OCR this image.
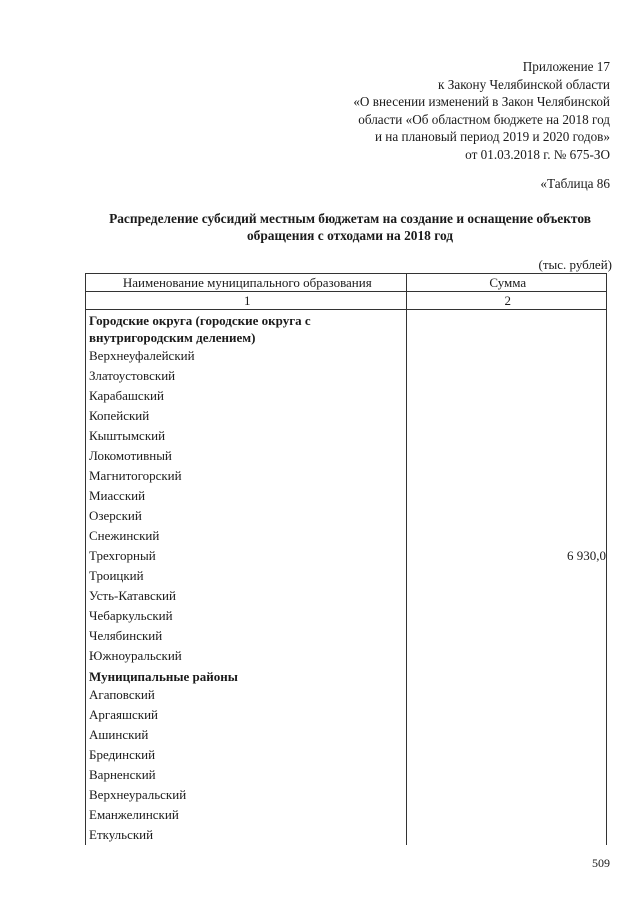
Приложение 17
к Закону Челябинской области
«О внесении изменений в Закон Челябинской
области «Об областном бюджете на 2018 год
и на плановый период 2019 и 2020 годов»
от 01.03.2018 г. № 675-ЗО
«Таблица 86
Распределение субсидий местным бюджетам на создание и оснащение объектов
обращения с отходами на 2018 год
(тыс. рублей)
Наименование муниципального образования	Сумма
1	2
Городские округа (городские округа с внутригородским делением)	
Верхнеуфалейский	
Златоустовский	
Карабашский	
Копейский	
Кыштымский	
Локомотивный	
Магнитогорский	
Миасский	
Озерский	
Снежинский	
Трехгорный	6 930,0
Троицкий	
Усть-Катавский	
Чебаркульский	
Челябинский	
Южноуральский	
Муниципальные районы	
Агаповский	
Аргаяшский	
Ашинский	
Брединский	
Варненский	
Верхнеуральский	
Еманжелинский	
Еткульский	
509
